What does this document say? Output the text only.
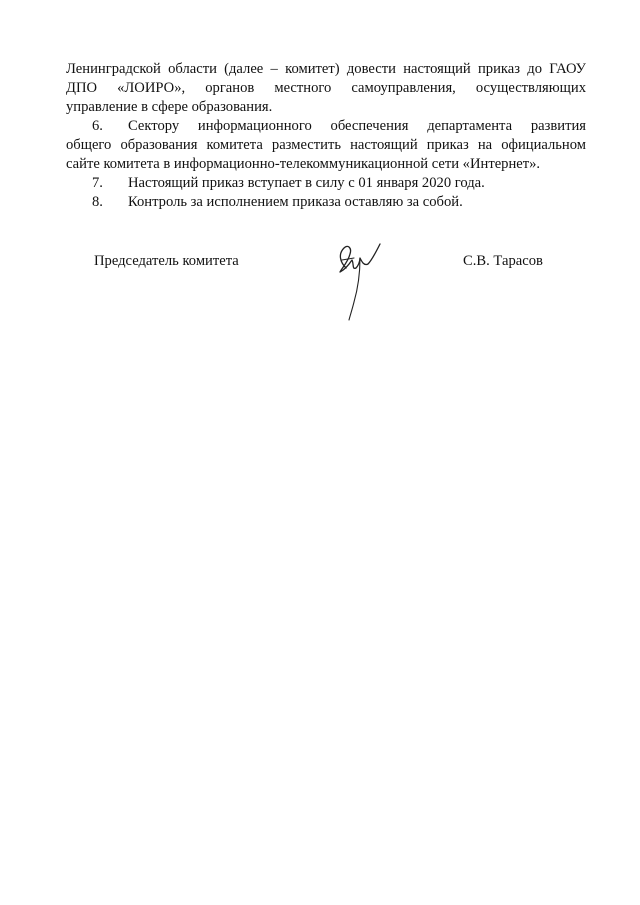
Ленинградской области (далее – комитет) довести настоящий приказ до ГАОУ

ДПО «ЛОИРО», органов местного самоуправления, осуществляющих

управление в сфере образования.

6.	Сектору информационного обеспечения департамента развития

общего образования комитета разместить настоящий приказ на официальном

сайте комитета в информационно-телекоммуникационной сети «Интернет».

7.	Настоящий приказ вступает в силу с 01 января 2020 года.

8.	Контроль за исполнением приказа оставляю за собой.

Председатель комитета	С.В. Тарасов
